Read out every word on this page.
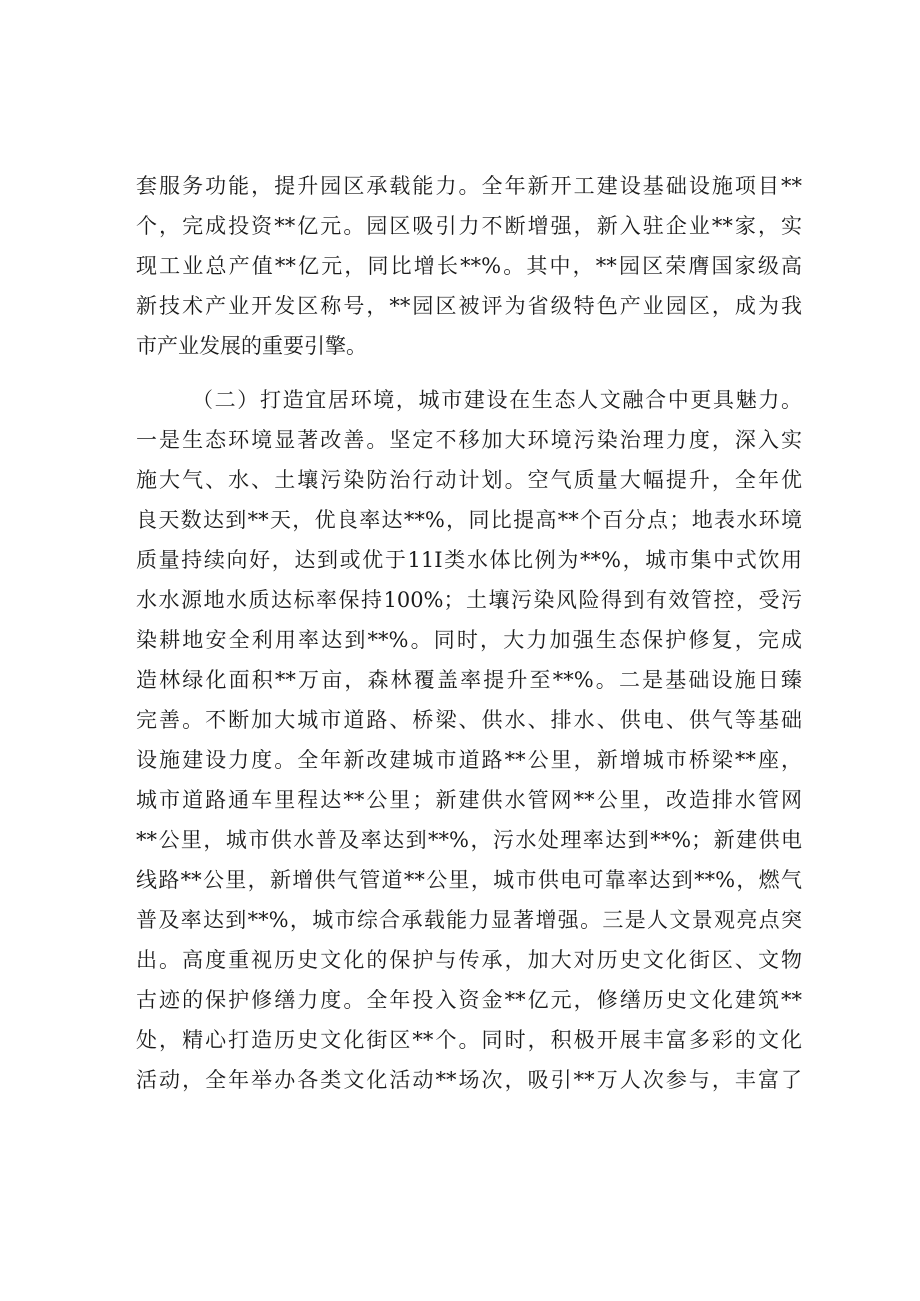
套服务功能，提升园区承载能力。全年新开工建设基础设施项目**
个，完成投资**亿元。园区吸引力不断增强，新入驻企业**家，实
现工业总产值**亿元，同比增长**%。其中，**园区荣膺国家级高
新技术产业开发区称号，**园区被评为省级特色产业园区，成为我
市产业发展的重要引擎。
（二）打造宜居环境，城市建设在生态人文融合中更具魅力。
一是生态环境显著改善。坚定不移加大环境污染治理力度，深入实
施大气、水、土壤污染防治行动计划。空气质量大幅提升，全年优
良天数达到**天，优良率达**%，同比提高**个百分点；地表水环境
质量持续向好，达到或优于11I类水体比例为**%，城市集中式饮用
水水源地水质达标率保持100%；土壤污染风险得到有效管控，受污
染耕地安全利用率达到**%。同时，大力加强生态保护修复，完成
造林绿化面积**万亩，森林覆盖率提升至**%。二是基础设施日臻
完善。不断加大城市道路、桥梁、供水、排水、供电、供气等基础
设施建设力度。全年新改建城市道路**公里，新增城市桥梁**座，
城市道路通车里程达**公里；新建供水管网**公里，改造排水管网
**公里，城市供水普及率达到**%，污水处理率达到**%；新建供电
线路**公里，新增供气管道**公里，城市供电可靠率达到**%，燃气
普及率达到**%，城市综合承载能力显著增强。三是人文景观亮点突
出。高度重视历史文化的保护与传承，加大对历史文化街区、文物
古迹的保护修缮力度。全年投入资金**亿元，修缮历史文化建筑**
处，精心打造历史文化街区**个。同时，积极开展丰富多彩的文化
活动，全年举办各类文化活动**场次，吸引**万人次参与，丰富了
